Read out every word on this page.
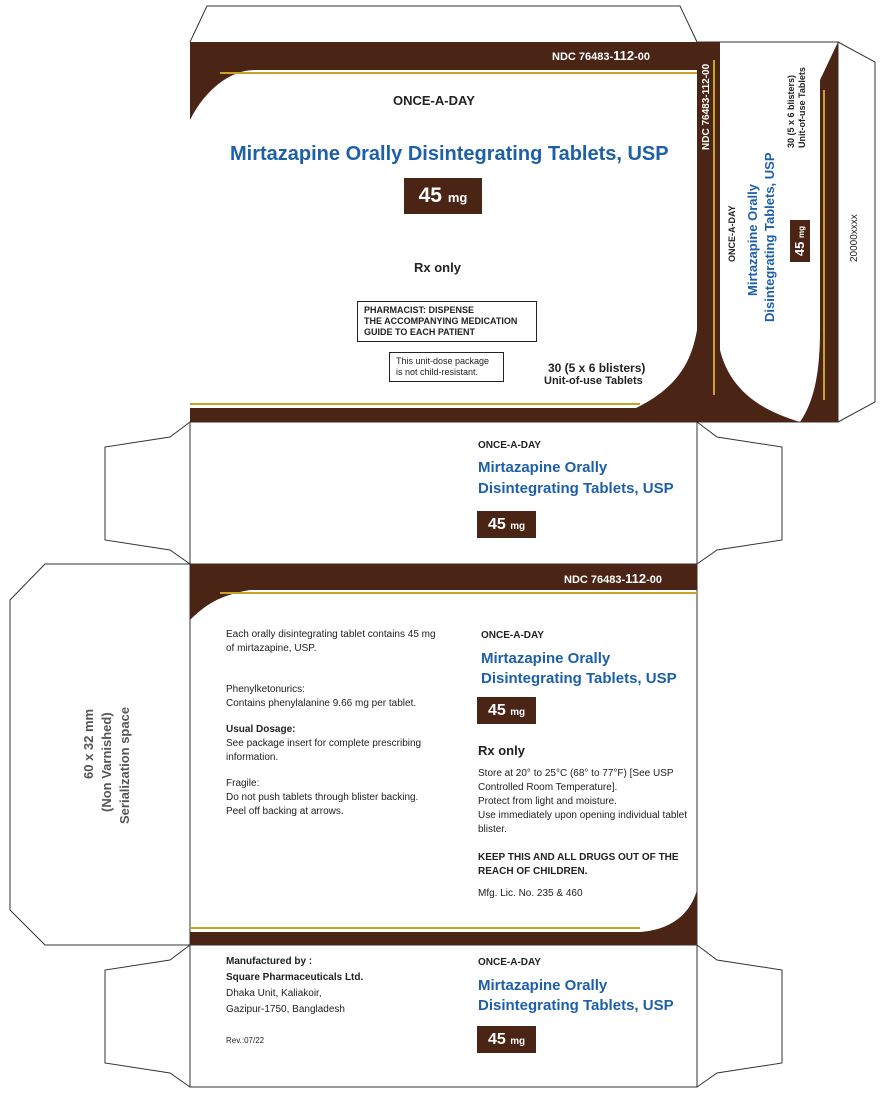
NDC 76483-112-00
ONCE-A-DAY
Mirtazapine Orally Disintegrating Tablets, USP
45 mg
Rx only
PHARMACIST: DISPENSE
THE ACCOMPANYING MEDICATION
GUIDE TO EACH PATIENT
This unit-dose package
is not child-resistant.	30 (5 x 6 blisters)
Unit-of-use Tablets
NDC 76483-112-00	30 (5 x 6 blisters) Unit-of-use Tablets
ONCE-A-DAY Mirtazapine Orally Disintegrating Tablets, USP 45 mg	20000xxxx
ONCE-A-DAY
Mirtazapine Orally
Disintegrating Tablets, USP
45 mg
NDC 76483-112-00
Each orally disintegrating tablet contains 45 mg
of mirtazapine, USP.
Phenylketonurics:
Contains phenylalanine 9.66 mg per tablet.
Usual Dosage:
See package insert for complete prescribing
information.
Fragile:
Do not push tablets through blister backing.
Peel off backing at arrows.
ONCE-A-DAY
Mirtazapine Orally
Disintegrating Tablets, USP
45 mg
Rx only
Store at 20° to 25°C (68° to 77°F) [See USP
Controlled Room Temperature].
Protect from light and moisture.
Use immediately upon opening individual tablet
blister.
KEEP THIS AND ALL DRUGS OUT OF THE
REACH OF CHILDREN.
Mfg. Lic. No. 235 & 460
Serialization space
(Non Varnished)
60 x 32 mm
Manufactured by :
Square Pharmaceuticals Ltd.
Dhaka Unit, Kaliakoir,
Gazipur-1750, Bangladesh
Rev.:07/22
ONCE-A-DAY
Mirtazapine Orally
Disintegrating Tablets, USP
45 mg
